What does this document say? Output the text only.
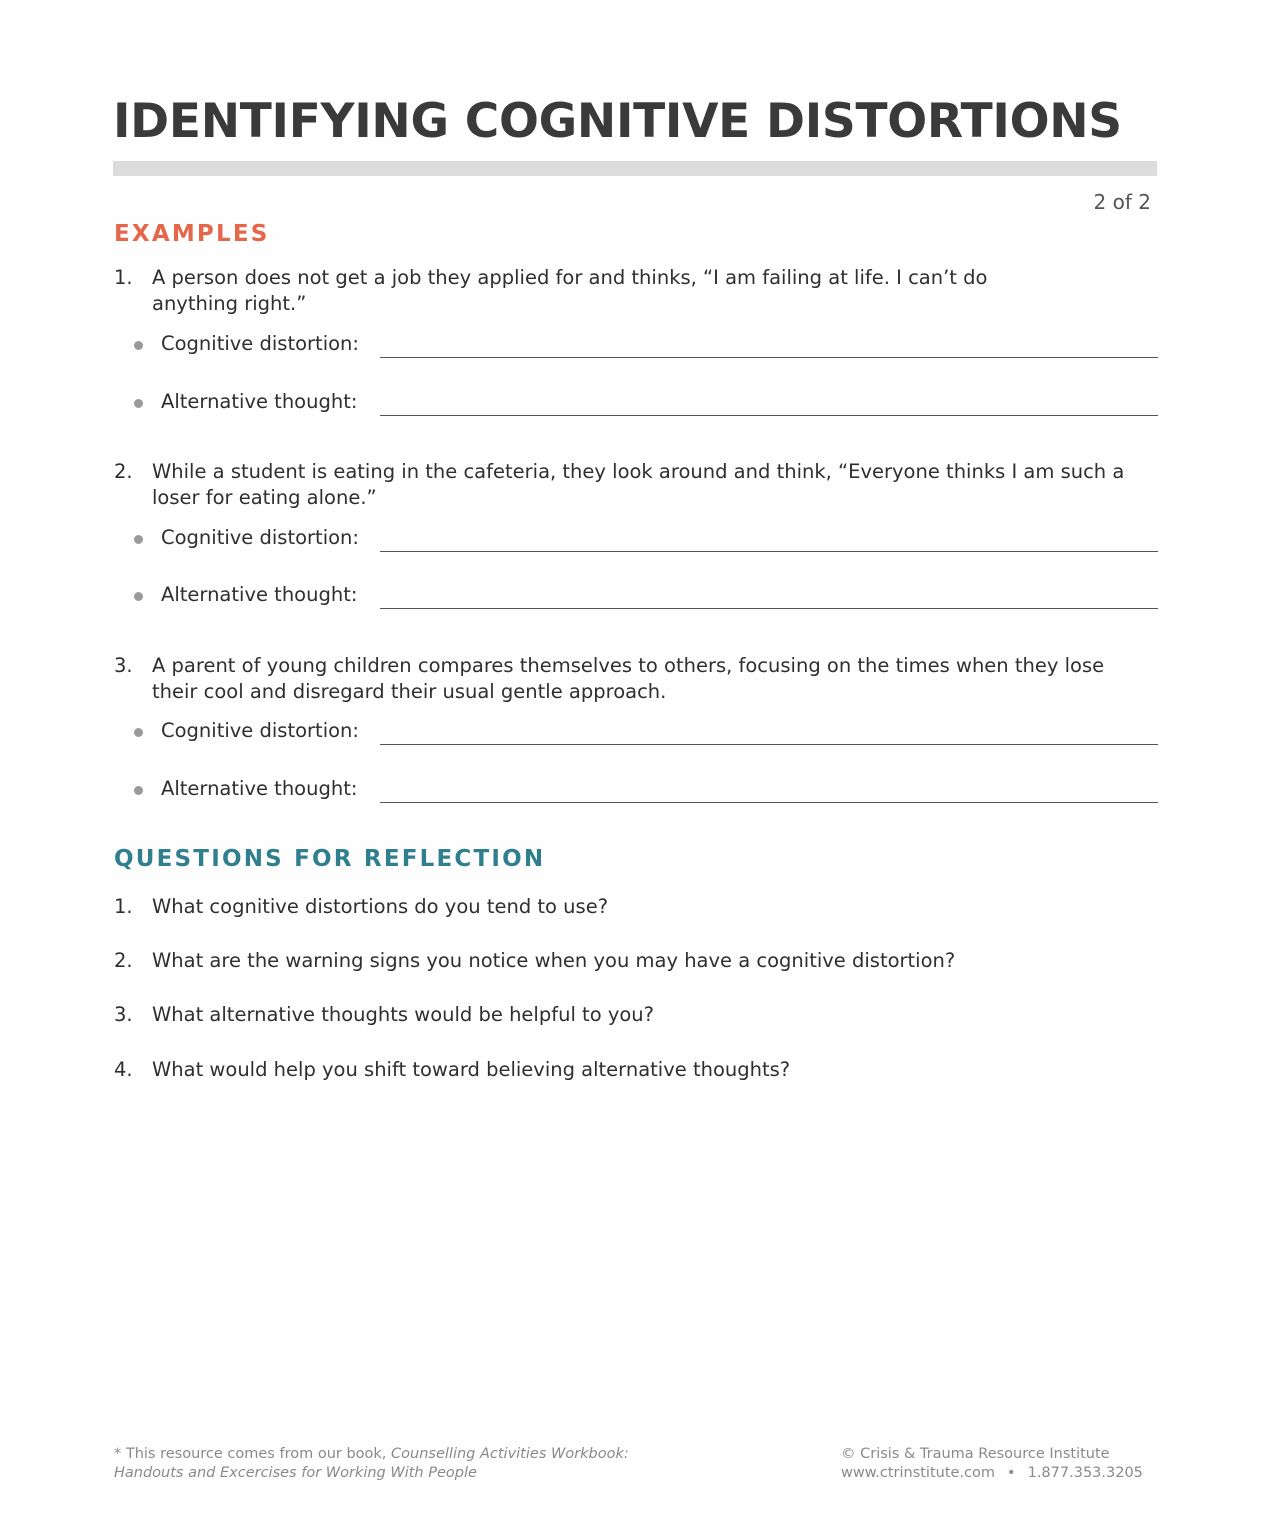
IDENTIFYING COGNITIVE DISTORTIONS
2 of 2
EXAMPLES
1. A person does not get a job they applied for and thinks, “I am failing at life. I can’t do anything right.”
Cognitive distortion:
Alternative thought:
2. While a student is eating in the cafeteria, they look around and think, “Everyone thinks I am such a loser for eating alone.”
Cognitive distortion:
Alternative thought:
3. A parent of young children compares themselves to others, focusing on the times when they lose their cool and disregard their usual gentle approach.
Cognitive distortion:
Alternative thought:
QUESTIONS FOR REFLECTION
1. What cognitive distortions do you tend to use?
2. What are the warning signs you notice when you may have a cognitive distortion?
3. What alternative thoughts would be helpful to you?
4. What would help you shift toward believing alternative thoughts?
* This resource comes from our book, Counselling Activities Workbook:
Handouts and Excercises for Working With People
© Crisis & Trauma Resource Institute
www.ctrinstitute.com • 1.877.353.3205
